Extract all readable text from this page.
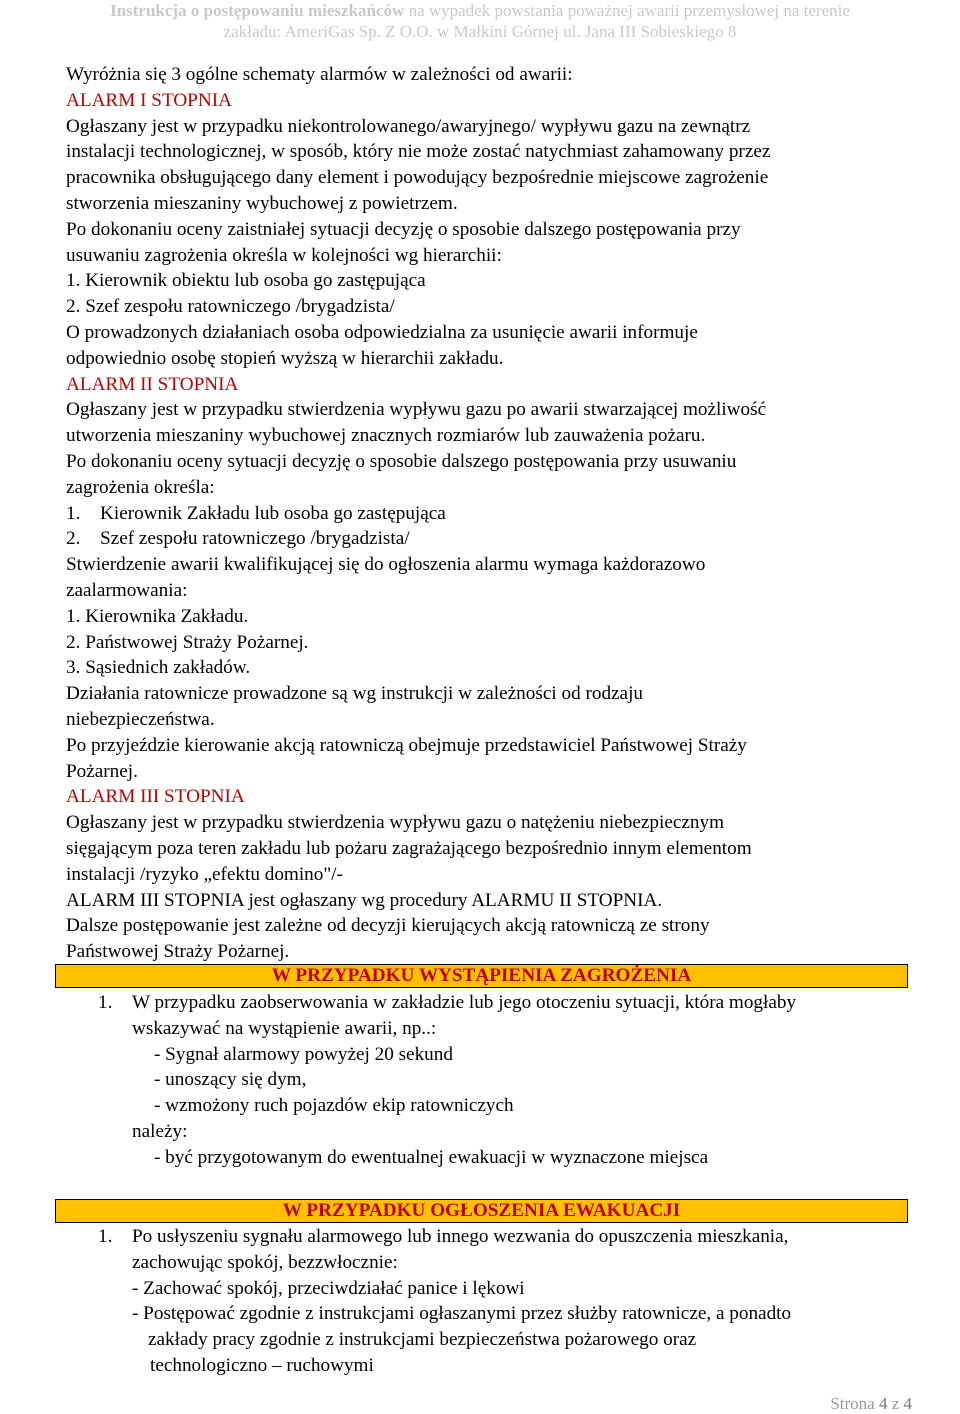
Instrukcja o postępowaniu mieszkańców na wypadek powstania poważnej awarii przemysłowej na terenie
zakładu: AmeriGas Sp. Z O.O. w Małkini Górnej ul. Jana III Sobieskiego 8

Wyróżnia się 3 ogólne schematy alarmów w zależności od awarii:

ALARM I STOPNIA

Ogłaszany jest w przypadku niekontrolowanego/awaryjnego/ wypływu gazu na zewnątrz

instalacji technologicznej, w sposób, który nie może zostać natychmiast zahamowany przez

pracownika obsługującego dany element i powodujący bezpośrednie miejscowe zagrożenie

stworzenia mieszaniny wybuchowej z powietrzem.

Po dokonaniu oceny zaistniałej sytuacji decyzję o sposobie dalszego postępowania przy

usuwaniu zagrożenia określa w kolejności wg hierarchii:

1. Kierownik obiektu lub osoba go zastępująca

2. Szef zespołu ratowniczego /brygadzista/

O prowadzonych działaniach osoba odpowiedzialna za usunięcie awarii informuje

odpowiednio osobę stopień wyższą w hierarchii zakładu.

ALARM II STOPNIA

Ogłaszany jest w przypadku stwierdzenia wypływu gazu po awarii stwarzającej możliwość

utworzenia mieszaniny wybuchowej znacznych rozmiarów lub zauważenia pożaru.

Po dokonaniu oceny sytuacji decyzję o sposobie dalszego postępowania przy usuwaniu

zagrożenia określa:

1. Kierownik Zakładu lub osoba go zastępująca

2. Szef zespołu ratowniczego /brygadzista/

Stwierdzenie awarii kwalifikującej się do ogłoszenia alarmu wymaga każdorazowo

zaalarmowania:

1. Kierownika Zakładu.

2. Państwowej Straży Pożarnej.

3. Sąsiednich zakładów.

Działania ratownicze prowadzone są wg instrukcji w zależności od rodzaju

niebezpieczeństwa.

Po przyjeździe kierowanie akcją ratowniczą obejmuje przedstawiciel Państwowej Straży

Pożarnej.

ALARM III STOPNIA

Ogłaszany jest w przypadku stwierdzenia wypływu gazu o natężeniu niebezpiecznym

sięgającym poza teren zakładu lub pożaru zagrażającego bezpośrednio innym elementom

instalacji /ryzyko „efektu domino"/-

ALARM III STOPNIA jest ogłaszany wg procedury ALARMU II STOPNIA.

Dalsze postępowanie jest zależne od decyzji kierujących akcją ratowniczą ze strony

Państwowej Straży Pożarnej.

W PRZYPADKU WYSTĄPIENIA ZAGROŻENIA

1. W przypadku zaobserwowania w zakładzie lub jego otoczeniu sytuacji, która mogłaby

wskazywać na wystąpienie awarii, np..:

- Sygnał alarmowy powyżej 20 sekund

- unoszący się dym,

- wzmożony ruch pojazdów ekip ratowniczych

należy:

- być przygotowanym do ewentualnej ewakuacji w wyznaczone miejsca

W PRZYPADKU OGŁOSZENIA EWAKUACJI

1. Po usłyszeniu sygnału alarmowego lub innego wezwania do opuszczenia mieszkania,

zachowując spokój, bezzwłocznie:

- Zachować spokój, przeciwdziałać panice i lękowi

- Postępować zgodnie z instrukcjami ogłaszanymi przez służby ratownicze, a ponadto

zakłady pracy zgodnie z instrukcjami bezpieczeństwa pożarowego oraz

technologiczno – ruchowymi

Strona 4 z 4
